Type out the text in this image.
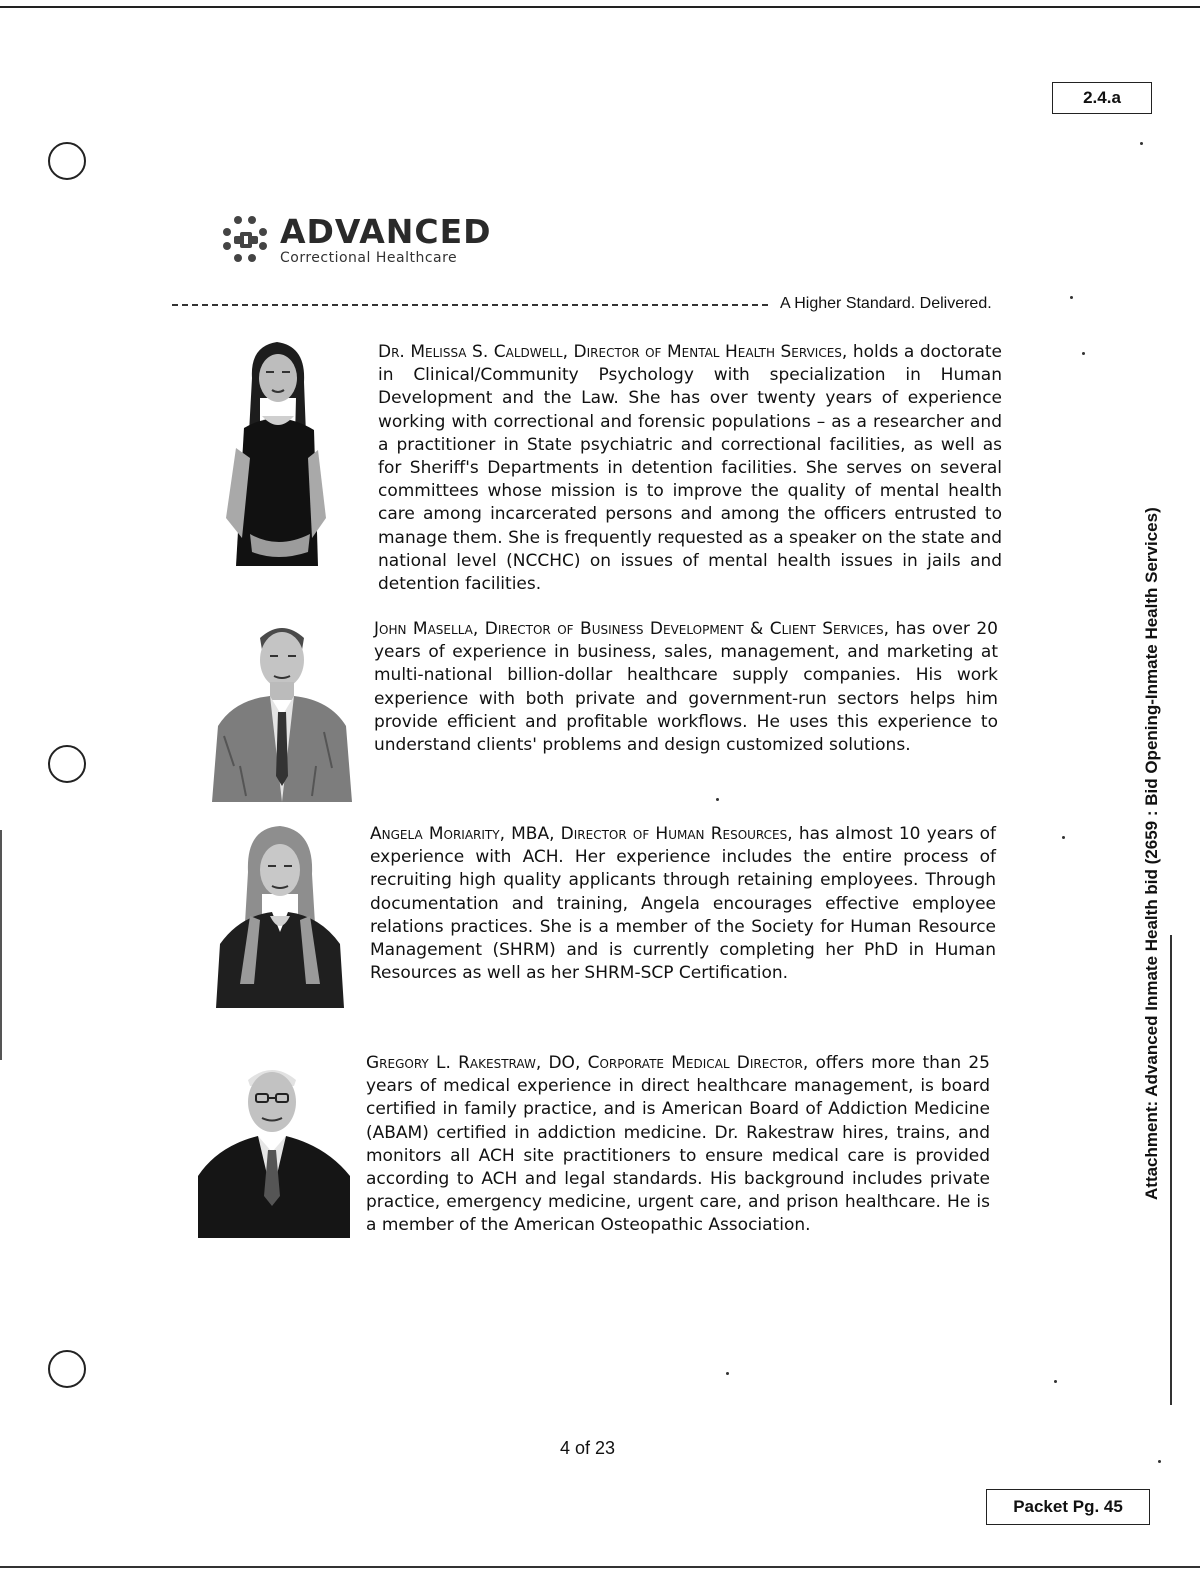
2.4.a
Attachment: Advanced Inmate Health bid (2659 : Bid Opening-Inmate Health Services)
ADVANCED
Correctional Healthcare
A Higher Standard. Delivered.

Dr. Melissa S. Caldwell, Director of Mental Health Services, holds a doctorate in Clinical/Community Psychology with specialization in Human Development and the Law. She has over twenty years of experience working with correctional and forensic populations – as a researcher and a practitioner in State psychiatric and correctional facilities, as well as for Sheriff's Departments in detention facilities. She serves on several committees whose mission is to improve the quality of mental health care among incarcerated persons and among the officers entrusted to manage them. She is frequently requested as a speaker on the state and national level (NCCHC) on issues of mental health issues in jails and detention facilities.

John Masella, Director of Business Development & Client Services, has over 20 years of experience in business, sales, management, and marketing at multi-national billion-dollar healthcare supply companies. His work experience with both private and government-run sectors helps him provide efficient and profitable workflows. He uses this experience to understand clients' problems and design customized solutions.

Angela Moriarity, MBA, Director of Human Resources, has almost 10 years of experience with ACH. Her experience includes the entire process of recruiting high quality applicants through retaining employees. Through documentation and training, Angela encourages effective employee relations practices. She is a member of the Society for Human Resource Management (SHRM) and is currently completing her PhD in Human Resources as well as her SHRM-SCP Certification.

Gregory L. Rakestraw, DO, Corporate Medical Director, offers more than 25 years of medical experience in direct healthcare management, is board certified in family practice, and is American Board of Addiction Medicine (ABAM) certified in addiction medicine. Dr. Rakestraw hires, trains, and monitors all ACH site practitioners to ensure medical care is provided according to ACH and legal standards. His background includes private practice, emergency medicine, urgent care, and prison healthcare. He is a member of the American Osteopathic Association.

4 of 23
Packet Pg. 45
